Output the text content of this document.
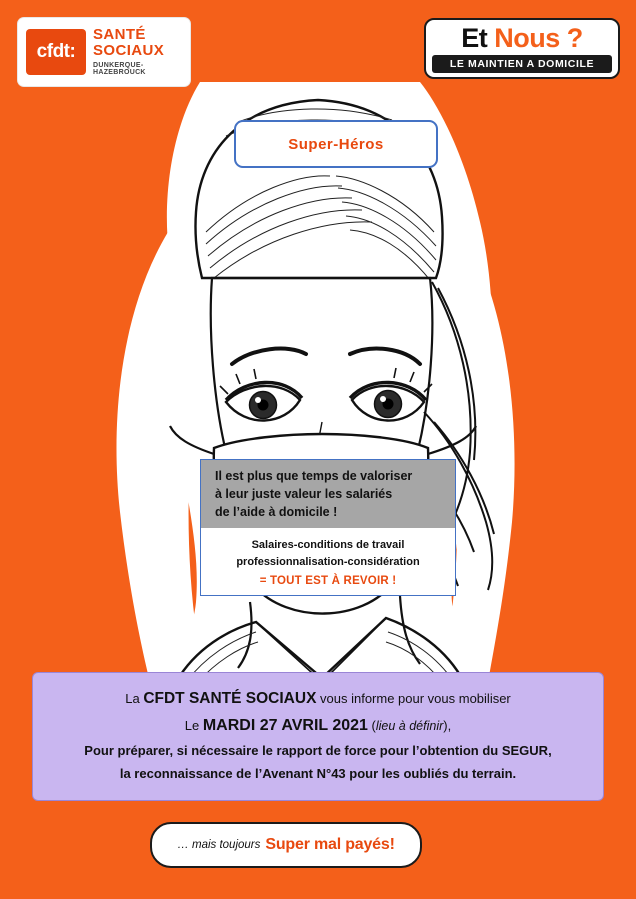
cfdt:
SANTÉ SOCIAUX
DUNKERQUE-HAZEBROUCK
Et Nous ?
LE MAINTIEN A DOMICILE
Super-Héros
Il est plus que temps de valoriser
à leur juste valeur les salariés
de l’aide à domicile !
Salaires-conditions de travail
professionnalisation-considération
= TOUT EST À REVOIR !
La CFDT SANTÉ SOCIAUX vous informe pour vous mobiliser
Le MARDI 27 AVRIL 2021 (lieu à définir),
Pour préparer, si nécessaire le rapport de force pour l’obtention du SEGUR,
la reconnaissance de l’Avenant N°43 pour les oubliés du terrain.
… mais toujours Super mal payés!
